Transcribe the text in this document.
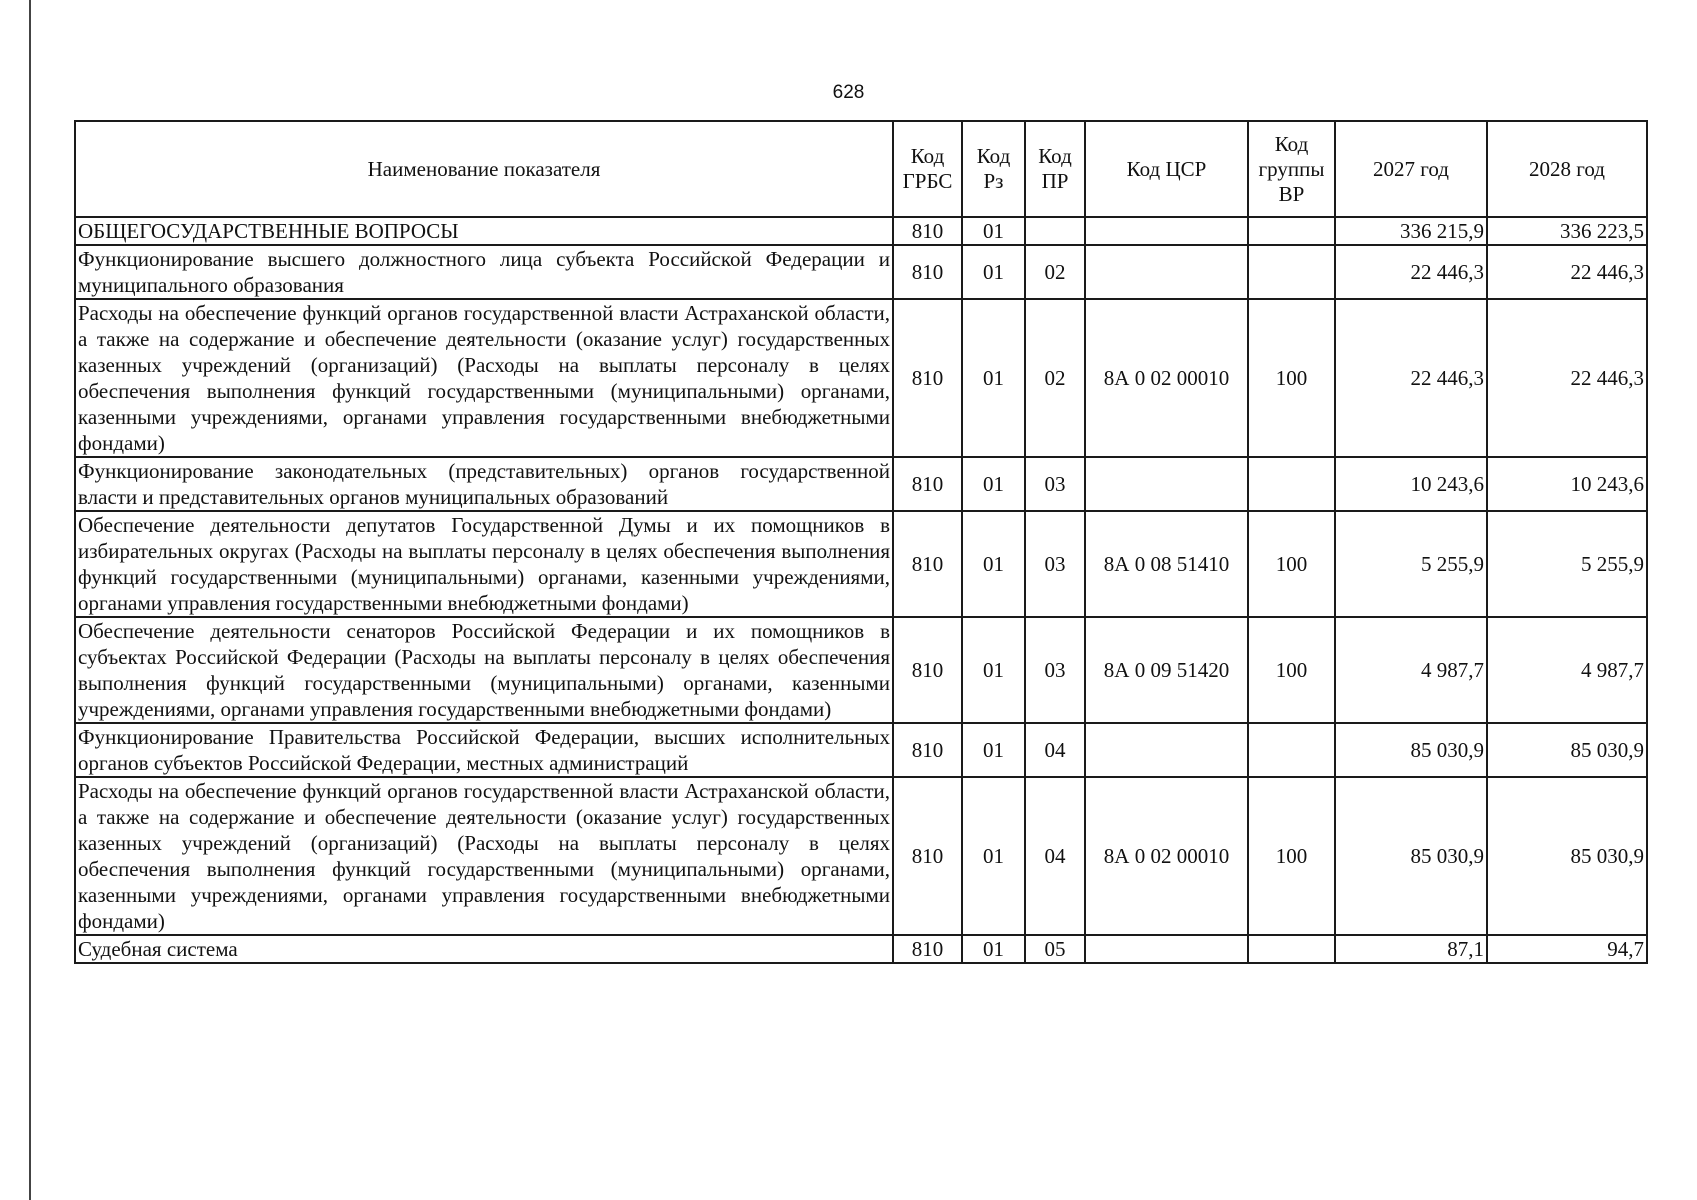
628
Наименование показателя	Код ГРБС	Код Рз	Код ПР	Код ЦСР	Код группы ВР	2027 год	2028 год
ОБЩЕГОСУДАРСТВЕННЫЕ ВОПРОСЫ	810	01				336 215,9	336 223,5
Функционирование высшего должностного лица субъекта Российской Федерации и муниципального образования	810	01	02			22 446,3	22 446,3
Расходы на обеспечение функций органов государственной власти Астраханской области, а также на содержание и обеспечение деятельности (оказание услуг) государственных казенных учреждений (организаций) (Расходы на выплаты персоналу в целях обеспечения выполнения функций государственными (муниципальными) органами, казенными учреждениями, органами управления государственными внебюджетными фондами)	810	01	02	8А 0 02 00010	100	22 446,3	22 446,3
Функционирование законодательных (представительных) органов государственной власти и представительных органов муниципальных образований	810	01	03			10 243,6	10 243,6
Обеспечение деятельности депутатов Государственной Думы и их помощников в избирательных округах (Расходы на выплаты персоналу в целях обеспечения выполнения функций государственными (муниципальными) органами, казенными учреждениями, органами управления государственными внебюджетными фондами)	810	01	03	8А 0 08 51410	100	5 255,9	5 255,9
Обеспечение деятельности сенаторов Российской Федерации и их помощников в субъектах Российской Федерации (Расходы на выплаты персоналу в целях обеспечения выполнения функций государственными (муниципальными) органами, казенными учреждениями, органами управления государственными внебюджетными фондами)	810	01	03	8А 0 09 51420	100	4 987,7	4 987,7
Функционирование Правительства Российской Федерации, высших исполнительных органов субъектов Российской Федерации, местных администраций	810	01	04			85 030,9	85 030,9
Расходы на обеспечение функций органов государственной власти Астраханской области, а также на содержание и обеспечение деятельности (оказание услуг) государственных казенных учреждений (организаций) (Расходы на выплаты персоналу в целях обеспечения выполнения функций государственными (муниципальными) органами, казенными учреждениями, органами управления государственными внебюджетными фондами)	810	01	04	8А 0 02 00010	100	85 030,9	85 030,9
Судебная система	810	01	05			87,1	94,7
